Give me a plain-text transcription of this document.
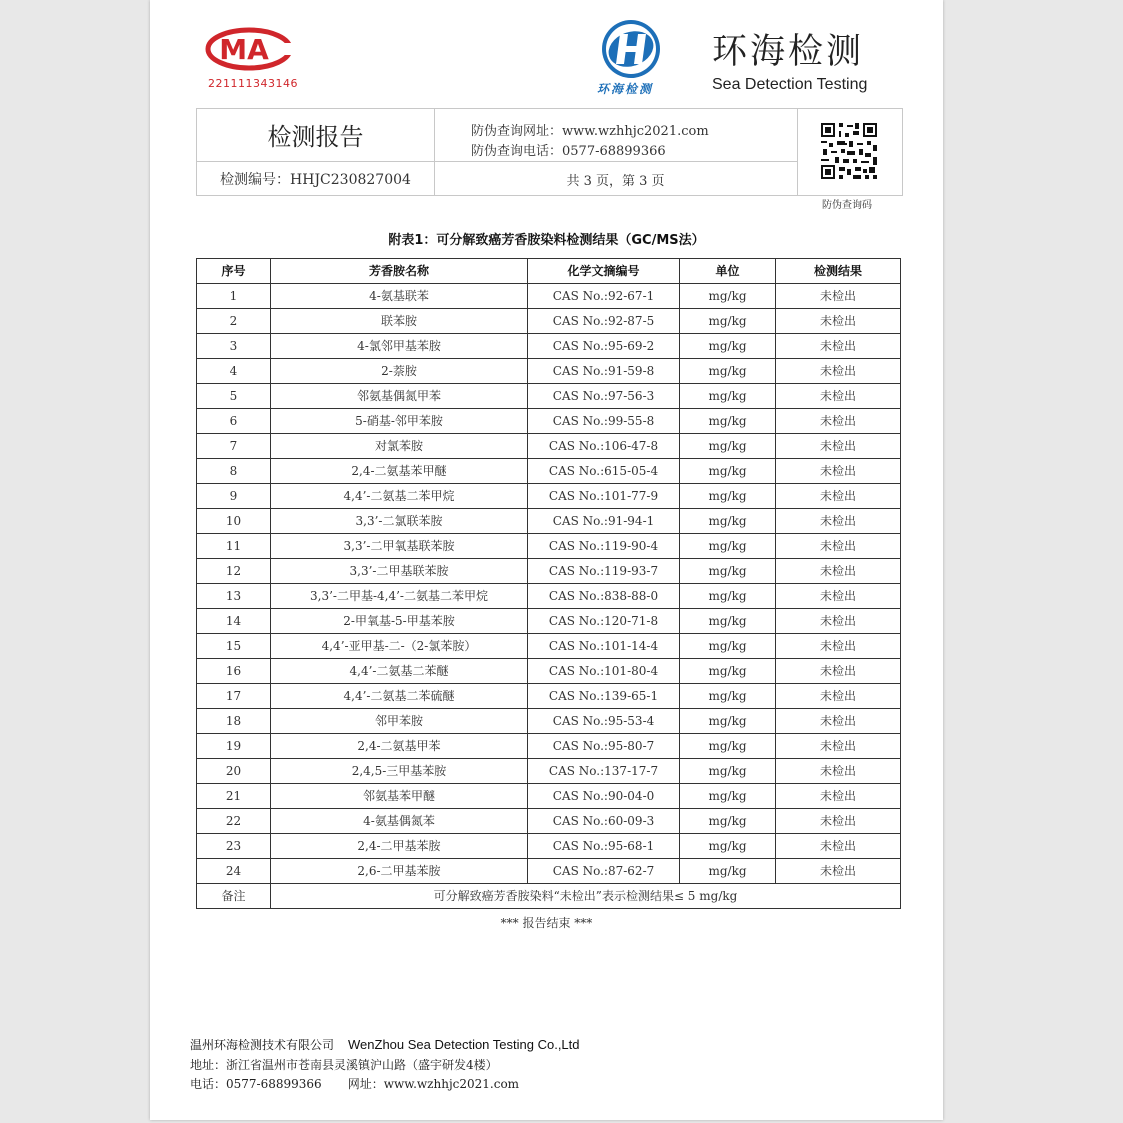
MA
221111343146	环海检测
环海检测
Sea Detection Testing
检测报告
检测编号：HHJC230827004
防伪查询网址：www.wzhhjc2021.com
防伪查询电话：0577-68899366
共 3 页，第 3 页
防伪查询码
附表1：可分解致癌芳香胺染料检测结果（GC/MS法）
序号	芳香胺名称	化学文摘编号	单位	检测结果
1	4-氨基联苯	CAS No.:92-67-1	mg/kg	未检出
2	联苯胺	CAS No.:92-87-5	mg/kg	未检出
3	4-氯邻甲基苯胺	CAS No.:95-69-2	mg/kg	未检出
4	2-萘胺	CAS No.:91-59-8	mg/kg	未检出
5	邻氨基偶氮甲苯	CAS No.:97-56-3	mg/kg	未检出
6	5-硝基-邻甲苯胺	CAS No.:99-55-8	mg/kg	未检出
7	对氯苯胺	CAS No.:106-47-8	mg/kg	未检出
8	2,4-二氨基苯甲醚	CAS No.:615-05-4	mg/kg	未检出
9	4,4’-二氨基二苯甲烷	CAS No.:101-77-9	mg/kg	未检出
10	3,3’-二氯联苯胺	CAS No.:91-94-1	mg/kg	未检出
11	3,3’-二甲氧基联苯胺	CAS No.:119-90-4	mg/kg	未检出
12	3,3’-二甲基联苯胺	CAS No.:119-93-7	mg/kg	未检出
13	3,3’-二甲基-4,4’-二氨基二苯甲烷	CAS No.:838-88-0	mg/kg	未检出
14	2-甲氧基-5-甲基苯胺	CAS No.:120-71-8	mg/kg	未检出
15	4,4’-亚甲基-二-（2-氯苯胺）	CAS No.:101-14-4	mg/kg	未检出
16	4,4’-二氨基二苯醚	CAS No.:101-80-4	mg/kg	未检出
17	4,4’-二氨基二苯硫醚	CAS No.:139-65-1	mg/kg	未检出
18	邻甲苯胺	CAS No.:95-53-4	mg/kg	未检出
19	2,4-二氨基甲苯	CAS No.:95-80-7	mg/kg	未检出
20	2,4,5-三甲基苯胺	CAS No.:137-17-7	mg/kg	未检出
21	邻氨基苯甲醚	CAS No.:90-04-0	mg/kg	未检出
22	4-氨基偶氮苯	CAS No.:60-09-3	mg/kg	未检出
23	2,4-二甲基苯胺	CAS No.:95-68-1	mg/kg	未检出
24	2,6-二甲基苯胺	CAS No.:87-62-7	mg/kg	未检出
备注	可分解致癌芳香胺染料“未检出”表示检测结果≤ 5 mg/kg			
*** 报告结束 ***
温州环海检测技术有限公司 WenZhou Sea Detection Testing Co.,Ltd
地址：浙江省温州市苍南县灵溪镇沪山路（盛宇研发4楼）
电话：0577-68899366 网址：www.wzhhjc2021.com
